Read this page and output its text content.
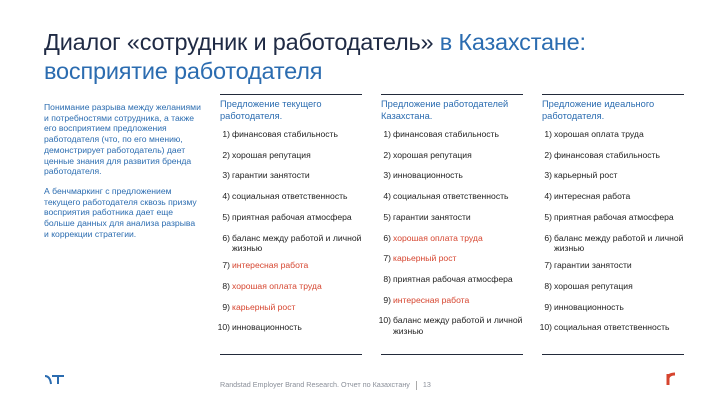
Диалог «сотрудник и работодатель» в Казахстане:
восприятие работодателя

Понимание разрыва между желаниями и потребностями сотрудника, а также его восприятием предложения работодателя (что, по его мнению, демонстрирует работодатель) дает ценные знания для развития бренда работодателя.

А бенчмаркинг с предложением текущего работодателя сквозь призму восприятия работника дает еще больше данных для анализа разрыва и коррекции стратегии.

Предложение текущего работодателя.
1) финансовая стабильность
2) хорошая репутация
3) гарантии занятости
4) социальная ответственность
5) приятная рабочая атмосфера
6) баланс между работой и личной жизнью
7) интересная работа
8) хорошая оплата труда
9) карьерный рост
10) инновационность
Предложение работодателей Казахстана.
1) финансовая стабильность
2) хорошая репутация
3) инновационность
4) социальная ответственность
5) гарантии занятости
6) хорошая оплата труда
7) карьерный рост
8) приятная рабочая атмосфера
9) интересная работа
10) баланс между работой и личной жизнью
Предложение идеального работодателя.
1) хорошая оплата труда
2) финансовая стабильность
3) карьерный рост
4) интересная работа
5) приятная рабочая атмосфера
6) баланс между работой и личной жизнью
7) гарантии занятости
8) хорошая репутация
9) инновационность
10) социальная ответственность
Randstad Employer Brand Research. Отчет по Казахстану 13
